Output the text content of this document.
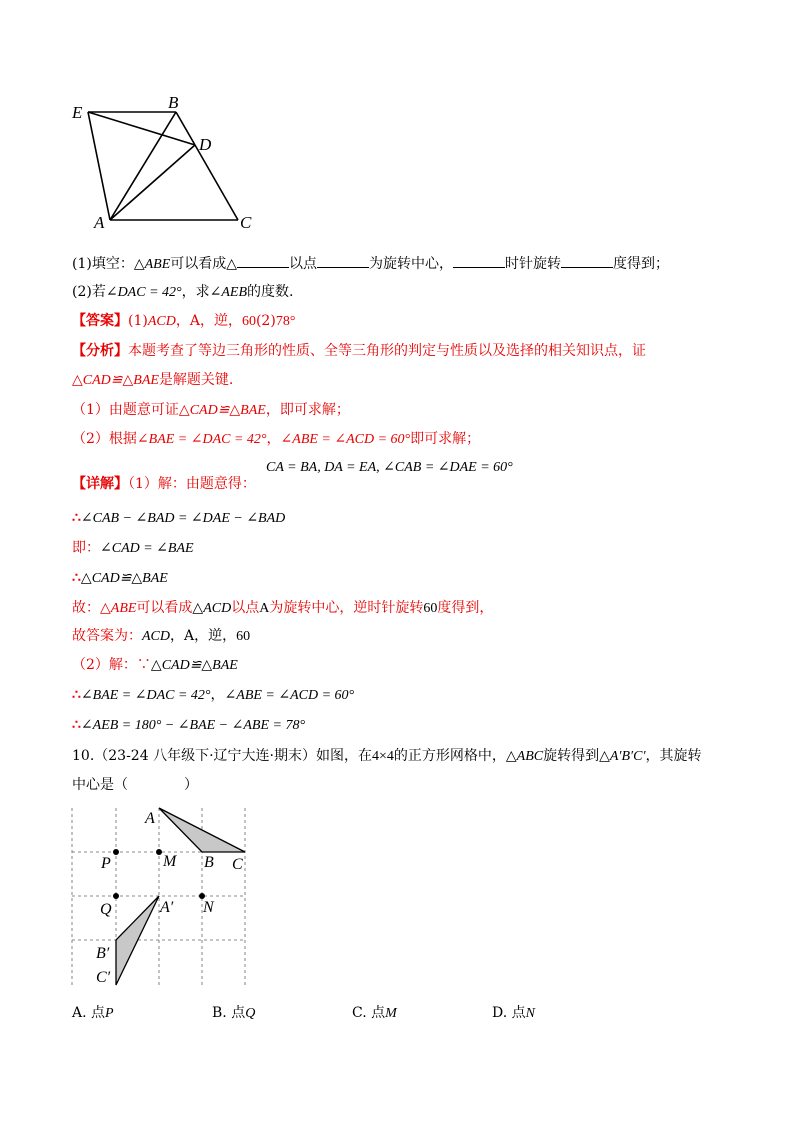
E
B
D
A	C
(1)填空：△ABE可以看成△	以点	为旋转中心，	时针旋转	度得到；
(2)若∠DAC = 42°，求∠AEB的度数.
【答案】(1)ACD，A，逆，60(2)78°
【分析】本题考查了等边三角形的性质、全等三角形的判定与性质以及选择的相关知识点，证
△CAD≌△BAE是解题关键.
（1）由题意可证△CAD≌△BAE，即可求解；
（2）根据∠BAE = ∠DAC = 42°，∠ABE = ∠ACD = 60°即可求解；
CA = BA, DA = EA, ∠CAB = ∠DAE = 60°
【详解】（1）解：由题意得：
∴∠CAB − ∠BAD = ∠DAE − ∠BAD
即：∠CAD = ∠BAE
∴△CAD≌△BAE
故：△ABE可以看成△ACD以点A为旋转中心，逆时针旋转60度得到，
故答案为：ACD，A，逆，60
（2）解：∵△CAD≌△BAE
∴∠BAE = ∠DAC = 42°，∠ABE = ∠ACD = 60°
∴∠AEB = 180° − ∠BAE − ∠ABE = 78°
10.（23-24 八年级下·辽宁大连·期末）如图，在4×4的正方形网格中，△ABC旋转得到△A′B′C′，其旋转
中心是（　　　　）
A
B C
P	M
Q	A′ N
B′
C′
A. 点P	B. 点Q	C. 点M	D. 点N
